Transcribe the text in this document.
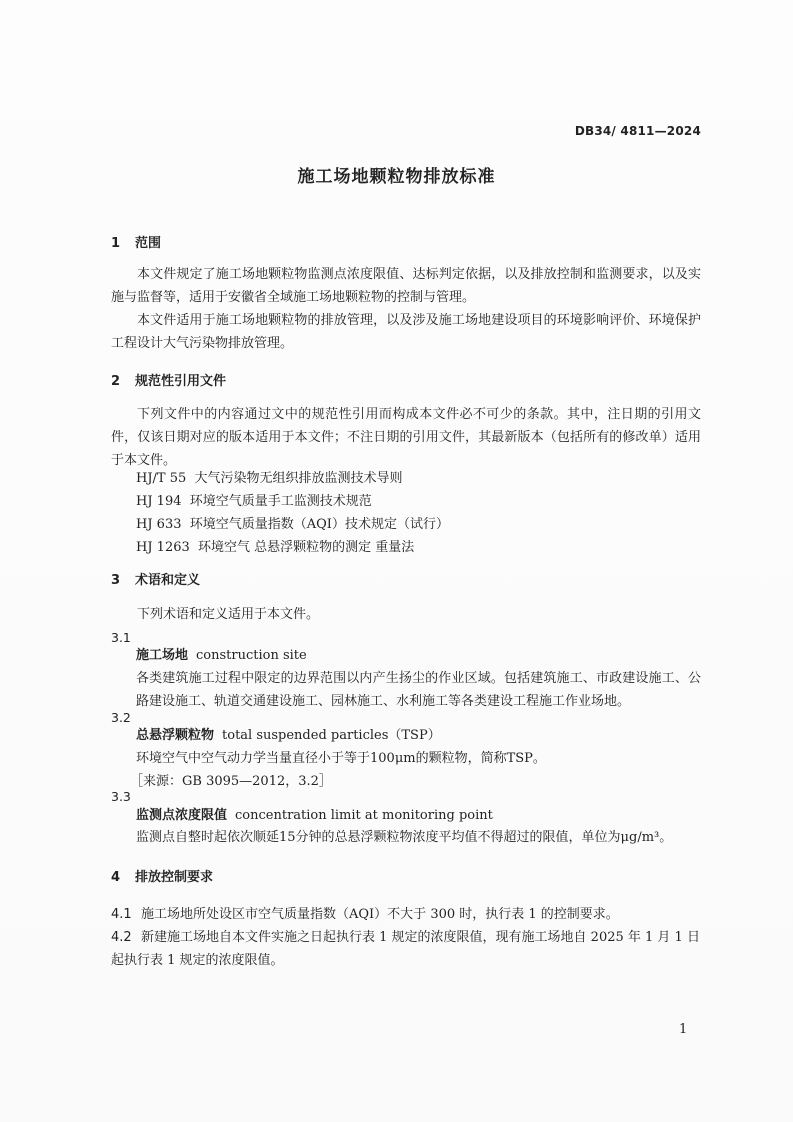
DB34/ 4811—2024
施工场地颗粒物排放标准
1 范围
本文件规定了施工场地颗粒物监测点浓度限值、达标判定依据，以及排放控制和监测要求，以及实施与监督等，适用于安徽省全域施工场地颗粒物的控制与管理。
本文件适用于施工场地颗粒物的排放管理，以及涉及施工场地建设项目的环境影响评价、环境保护工程设计大气污染物排放管理。
2 规范性引用文件
下列文件中的内容通过文中的规范性引用而构成本文件必不可少的条款。其中，注日期的引用文件，仅该日期对应的版本适用于本文件；不注日期的引用文件，其最新版本（包括所有的修改单）适用于本文件。
HJ/T 55  大气污染物无组织排放监测技术导则
HJ 194  环境空气质量手工监测技术规范
HJ 633  环境空气质量指数（AQI）技术规定（试行）
HJ 1263  环境空气 总悬浮颗粒物的测定 重量法
3 术语和定义
下列术语和定义适用于本文件。
3.1
施工场地 construction site
各类建筑施工过程中限定的边界范围以内产生扬尘的作业区域。包括建筑施工、市政建设施工、公路建设施工、轨道交通建设施工、园林施工、水利施工等各类建设工程施工作业场地。
3.2
总悬浮颗粒物 total suspended particles（TSP）
环境空气中空气动力学当量直径小于等于100μm的颗粒物，简称TSP。
［来源：GB 3095—2012，3.2］
3.3
监测点浓度限值 concentration limit at monitoring point
监测点自整时起依次顺延15分钟的总悬浮颗粒物浓度平均值不得超过的限值，单位为μg/m³。
4 排放控制要求
4.1 施工场地所处设区市空气质量指数（AQI）不大于 300 时，执行表 1 的控制要求。
4.2 新建施工场地自本文件实施之日起执行表 1 规定的浓度限值，现有施工场地自 2025 年 1 月 1 日起执行表 1 规定的浓度限值。
1
